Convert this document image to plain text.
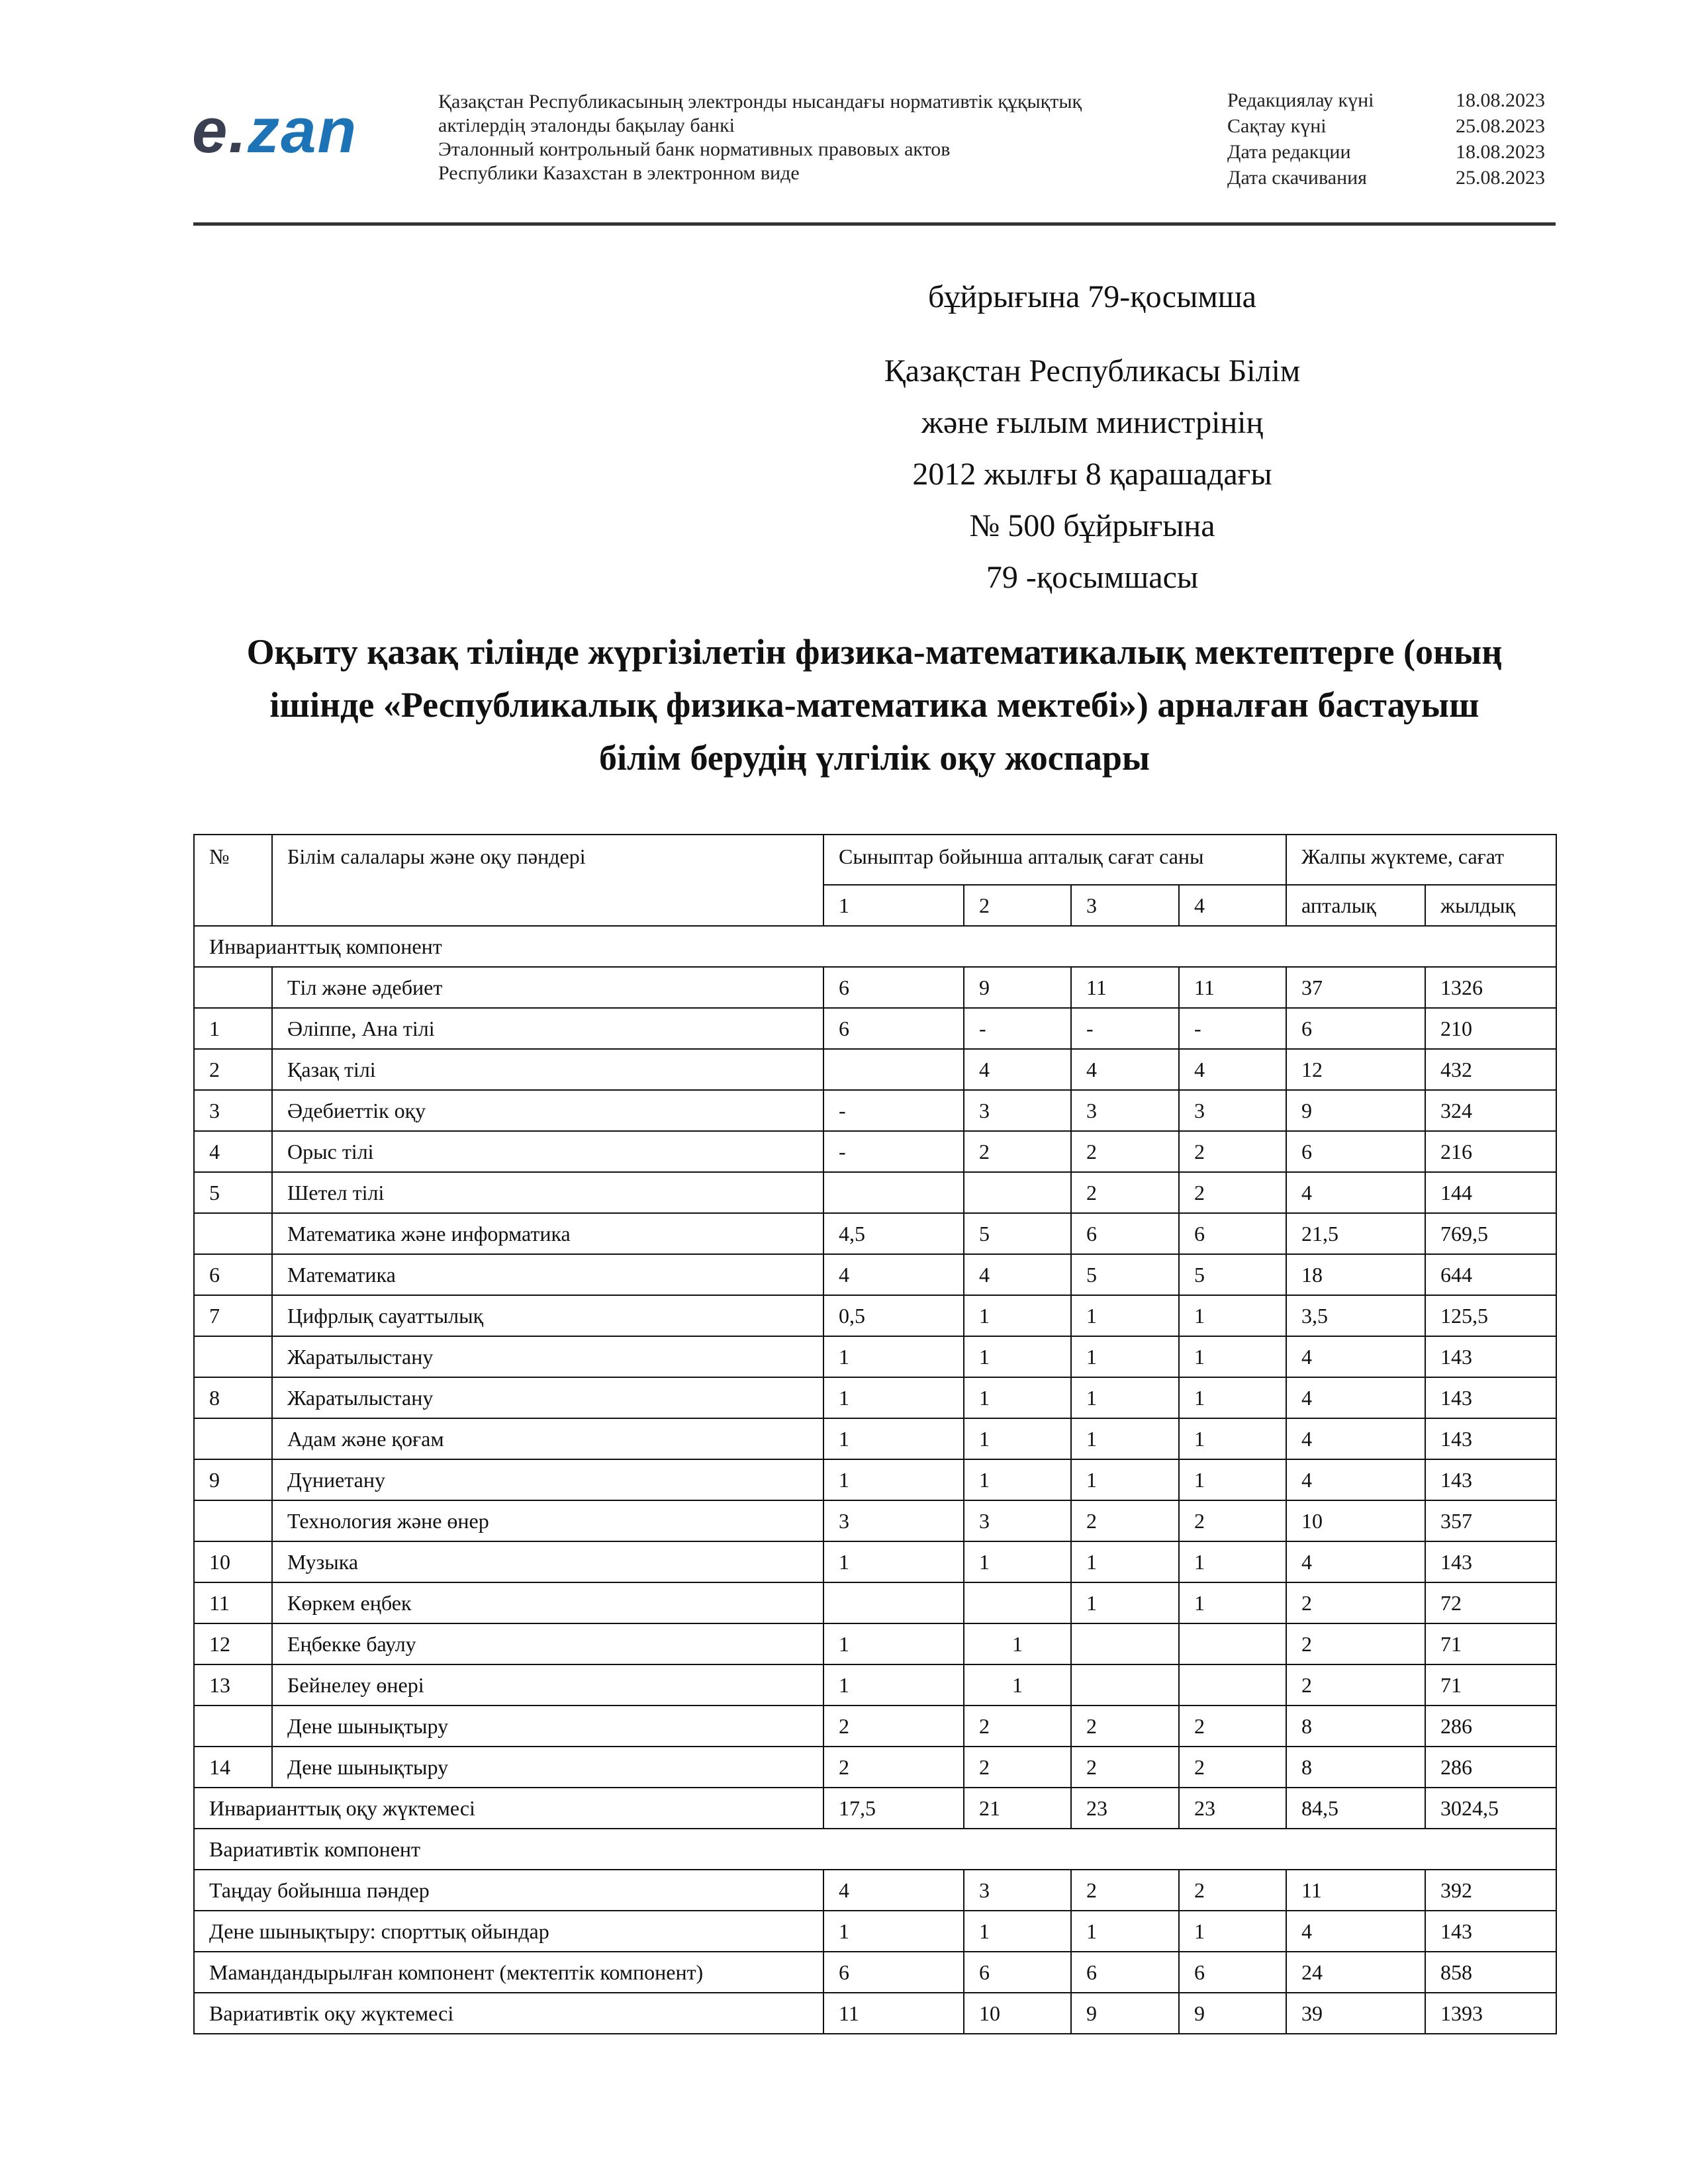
e.zan	Қазақстан Республикасының электронды нысандағы нормативтік құқықтық
актілердің эталонды бақылау банкі
Эталонный контрольный банк нормативных правовых актов
Республики Казахстан в электронном виде
Редакциялау күні	18.08.2023
Сақтау күні	25.08.2023
Дата редакции	18.08.2023
Дата скачивания	25.08.2023
бұйрығына 79-қосымша
Қазақстан Республикасы Білім
және ғылым министрінің
2012 жылғы 8 қарашадағы
№ 500 бұйрығына
79 -қосымшасы
Оқыту қазақ тілінде жүргізілетін физика-математикалық мектептерге (оның
ішінде «Республикалық физика-математика мектебі») арналған бастауыш
білім берудің үлгілік оқу жоспары
№	Білім салалары және оқу пәндері	Сыныптар бойынша апталық сағат саны				Жалпы жүктеме, сағат	
		1	2	3	4	апталық	жылдық
Инварианттық компонент							
	Тіл және әдебиет	6	9	11	11	37	1326
1	Әліппе, Ана тілі	6	-	-	-	6	210
2	Қазақ тілі		4	4	4	12	432
3	Әдебиеттік оқу	-	3	3	3	9	324
4	Орыс тілі	-	2	2	2	6	216
5	Шетел тілі			2	2	4	144
	Математика және информатика	4,5	5	6	6	21,5	769,5
6	Математика	4	4	5	5	18	644
7	Цифрлық сауаттылық	0,5	1	1	1	3,5	125,5
	Жаратылыстану	1	1	1	1	4	143
8	Жаратылыстану	1	1	1	1	4	143
	Адам және қоғам	1	1	1	1	4	143
9	Дүниетану	1	1	1	1	4	143
	Технология және өнер	3	3	2	2	10	357
10	Музыка	1	1	1	1	4	143
11	Көркем еңбек			1	1	2	72
12	Еңбекке баулу	1	1			2	71
13	Бейнелеу өнері	1	1			2	71
	Дене шынықтыру	2	2	2	2	8	286
14	Дене шынықтыру	2	2	2	2	8	286
Инварианттық оқу жүктемесі		17,5	21	23	23	84,5	3024,5
Вариативтік компонент							
Таңдау бойынша пәндер		4	3	2	2	11	392
Дене шынықтыру: спорттық ойындар		1	1	1	1	4	143
Мамандандырылған компонент (мектептік компонент)		6	6	6	6	24	858
Вариативтік оқу жүктемесі		11	10	9	9	39	1393
